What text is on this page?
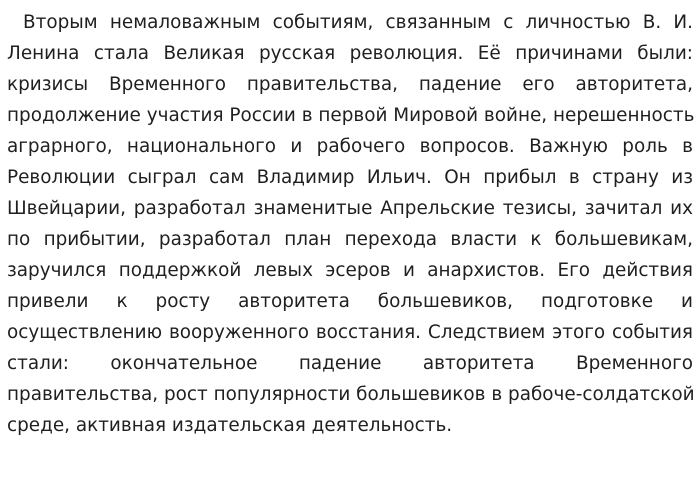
Вторым немаловажным событиям, связанным с личностью В. И.
Ленина стала Великая русская революция. Её причинами были:
кризисы Временного правительства, падение его авторитета,
продолжение участия России в первой Мировой войне, нерешенность
аграрного, национального и рабочего вопросов. Важную роль в
Революции сыграл сам Владимир Ильич. Он прибыл в страну из
Швейцарии, разработал знаменитые Апрельские тезисы, зачитал их
по прибытии, разработал план перехода власти к большевикам,
заручился поддержкой левых эсеров и анархистов. Его действия
привели к росту авторитета большевиков, подготовке и
осуществлению вооруженного восстания. Следствием этого события
стали: окончательное падение авторитета Временного
правительства, рост популярности большевиков в рабоче-солдатской
среде, активная издательская деятельность.
